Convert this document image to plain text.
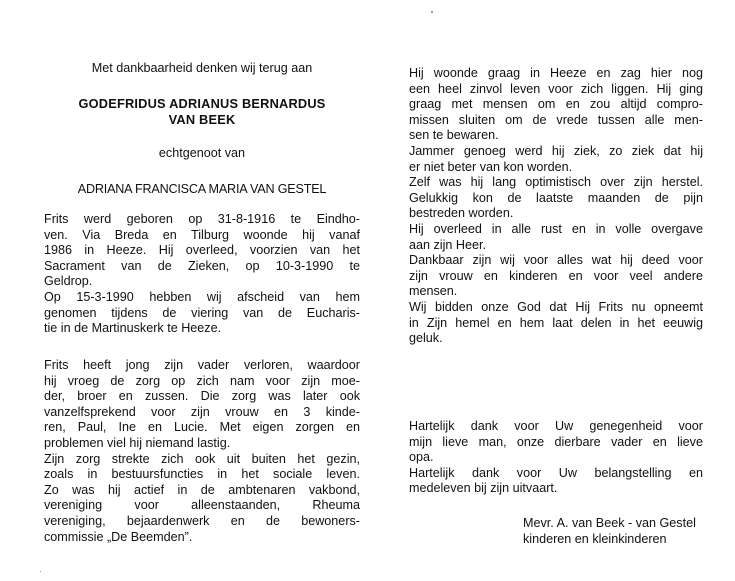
Met dankbaarheid denken wij terug aan
GODEFRIDUS ADRIANUS BERNARDUS
VAN BEEK
echtgenoot van
ADRIANA FRANCISCA MARIA VAN GESTEL

Frits werd geboren op 31-8-1916 te Eindho-

ven. Via Breda en Tilburg woonde hij vanaf

1986 in Heeze. Hij overleed, voorzien van het

Sacrament van de Zieken, op 10-3-1990 te

Geldrop.

Op 15-3-1990 hebben wij afscheid van hem

genomen tijdens de viering van de Eucharis-

tie in de Martinuskerk te Heeze.

Frits heeft jong zijn vader verloren, waardoor

hij vroeg de zorg op zich nam voor zijn moe-

der, broer en zussen. Die zorg was later ook

vanzelfsprekend voor zijn vrouw en 3 kinde-

ren, Paul, Ine en Lucie. Met eigen zorgen en

problemen viel hij niemand lastig.

Zijn zorg strekte zich ook uit buiten het gezin,

zoals in bestuursfuncties in het sociale leven.

Zo was hij actief in de ambtenaren vakbond,

vereniging voor alleenstaanden, Rheuma

vereniging, bejaardenwerk en de bewoners-

commissie „De Beemden”.

Hij woonde graag in Heeze en zag hier nog

een heel zinvol leven voor zich liggen. Hij ging

graag met mensen om en zou altijd compro-

missen sluiten om de vrede tussen alle men-

sen te bewaren.

Jammer genoeg werd hij ziek, zo ziek dat hij

er niet beter van kon worden.

Zelf was hij lang optimistisch over zijn herstel.

Gelukkig kon de laatste maanden de pijn

bestreden worden.

Hij overleed in alle rust en in volle overgave

aan zijn Heer.

Dankbaar zijn wij voor alles wat hij deed voor

zijn vrouw en kinderen en voor veel andere

mensen.

Wij bidden onze God dat Hij Frits nu opneemt

in Zijn hemel en hem laat delen in het eeuwig

geluk.

Hartelijk dank voor Uw genegenheid voor

mijn lieve man, onze dierbare vader en lieve

opa.

Hartelijk dank voor Uw belangstelling en

medeleven bij zijn uitvaart.

Mevr. A. van Beek - van Gestel
kinderen en kleinkinderen
